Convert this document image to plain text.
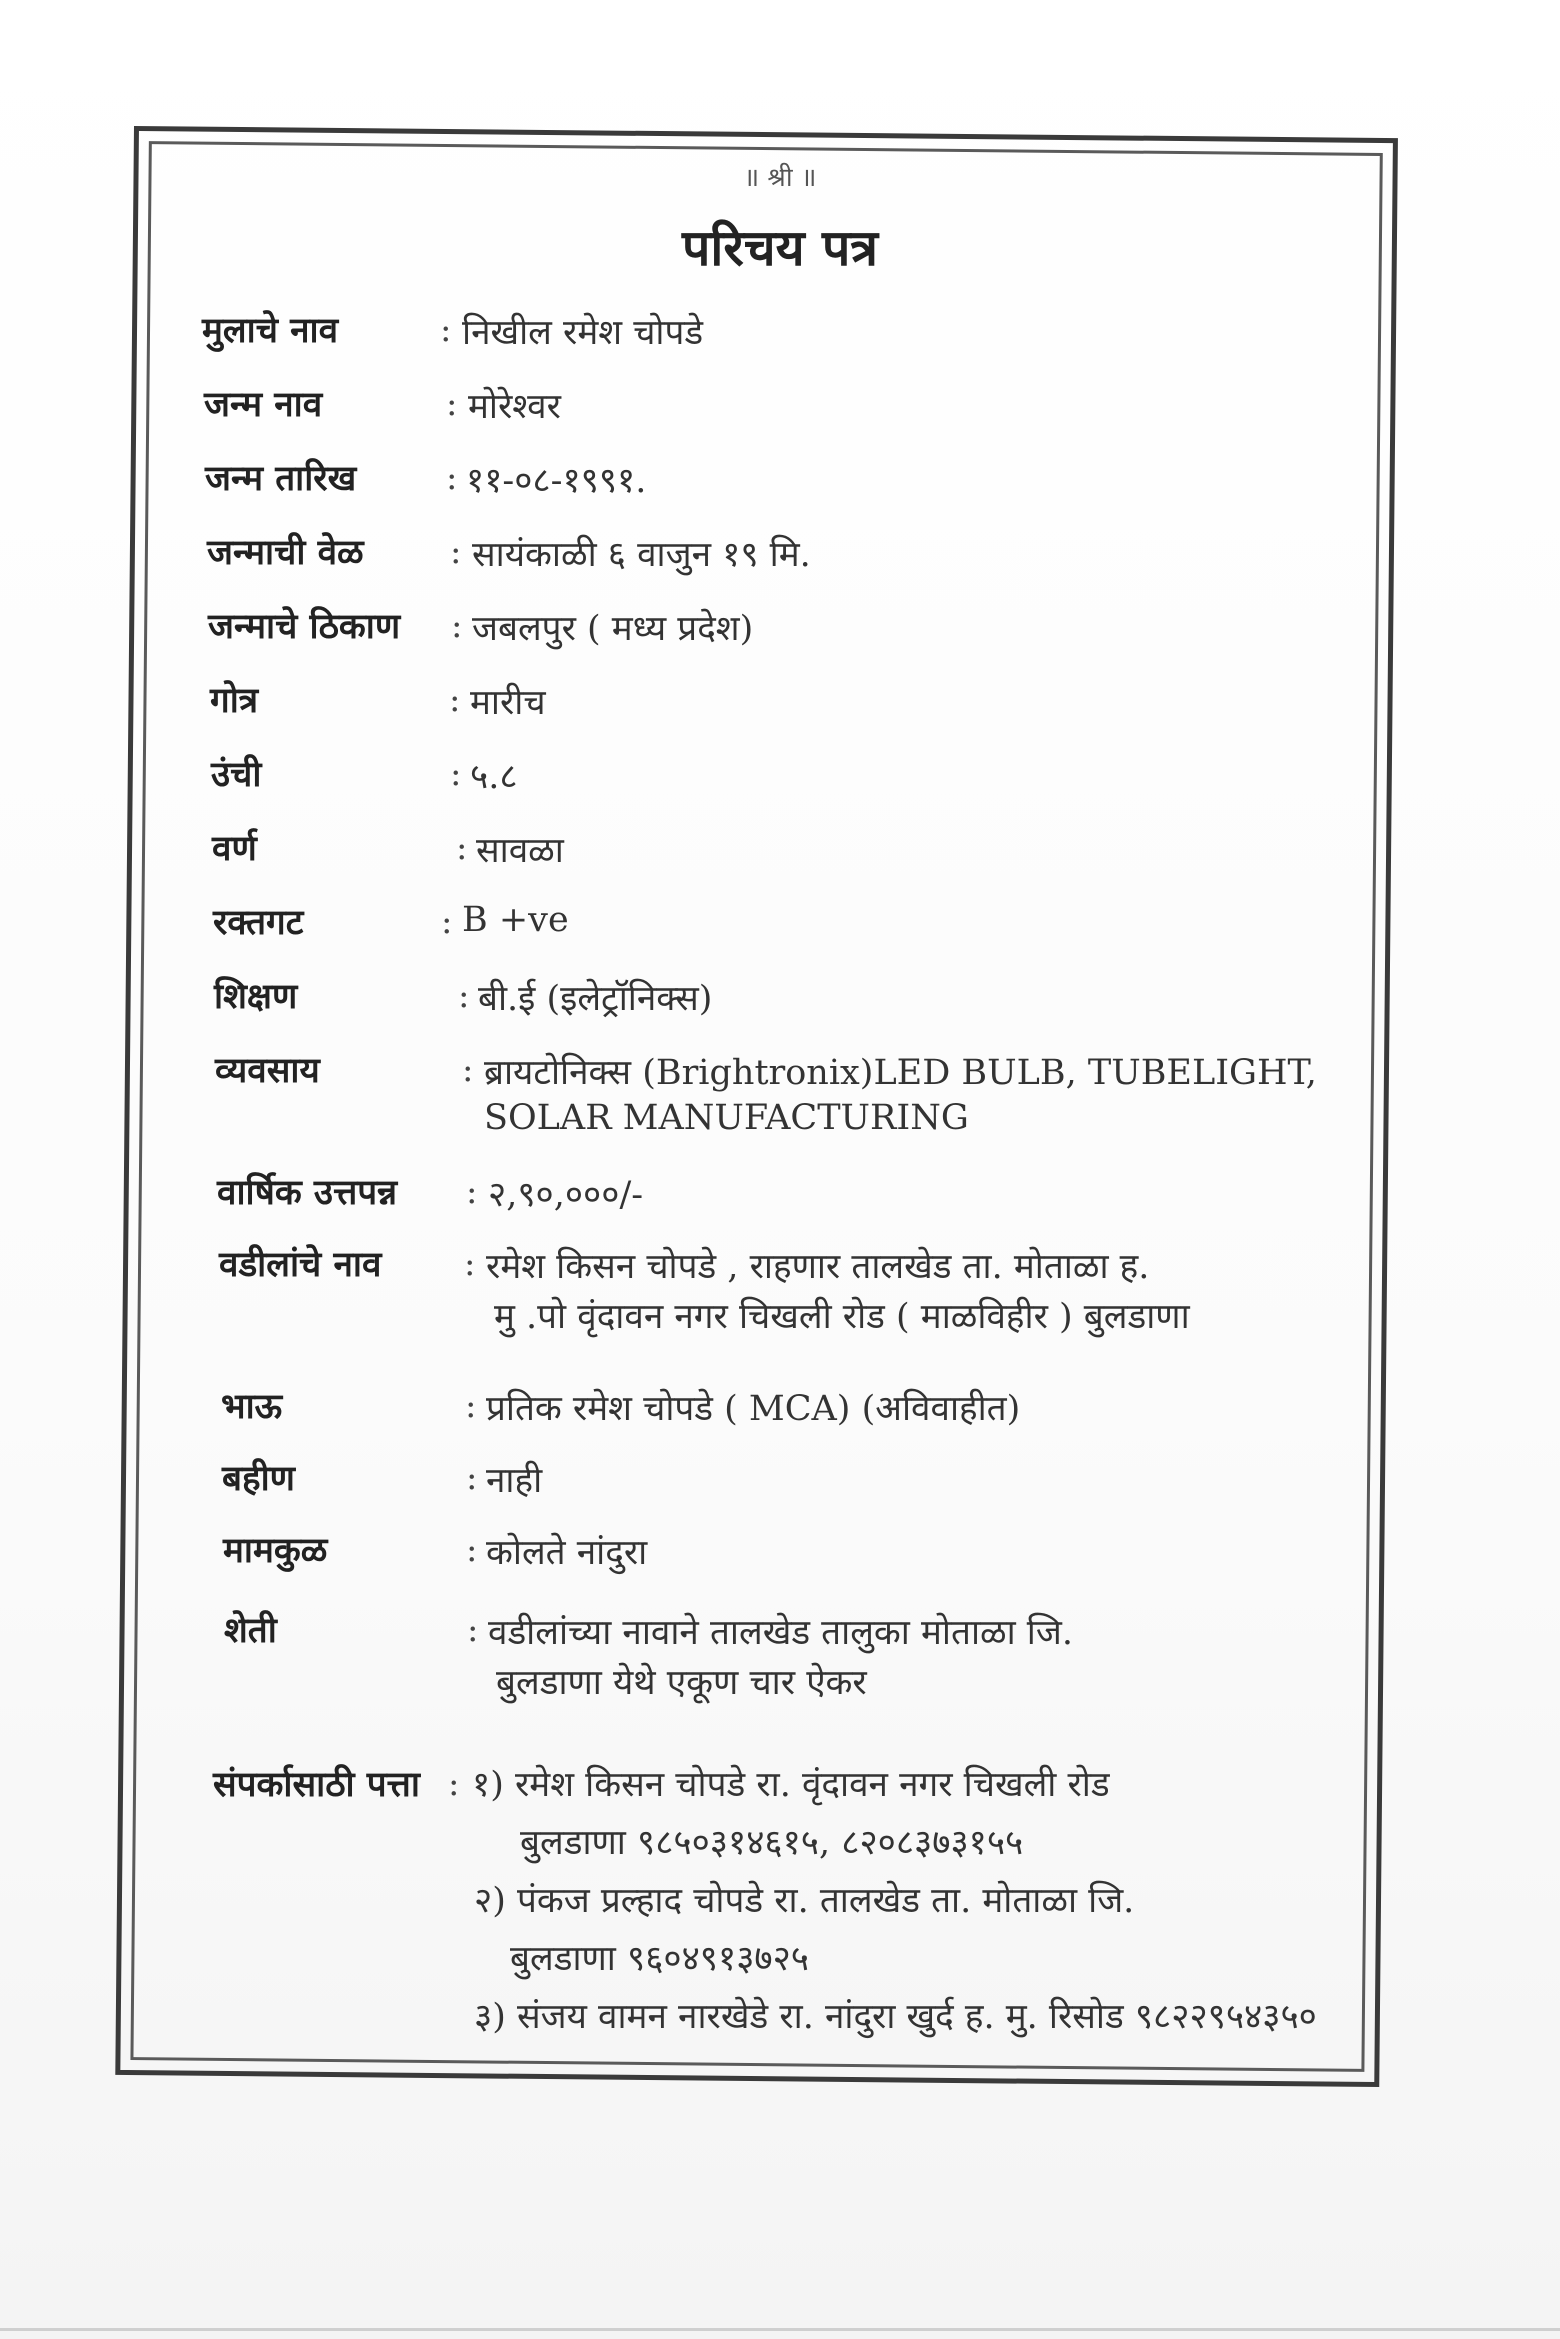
॥ श्री ॥
परिचय पत्र
मुलाचे नाव	: निखील रमेश चोपडे
जन्म नाव	: मोरेश्वर
जन्म तारिख	: ११-०८-१९९१.
जन्माची वेळ	: सायंकाळी ६ वाजुन १९ मि.
जन्माचे ठिकाण : जबलपुर ( मध्य प्रदेश)
गोत्र	: मारीच
उंची	: ५.८
वर्ण	: सावळा
रक्तगट	: B +ve
शिक्षण	: बी.ई (इलेट्रॉनिक्स)
व्यवसाय	: ब्रायटोनिक्स (Brightronix)LED BULB, TUBELIGHT,
SOLAR MANUFACTURING
वार्षिक उत्तपन्न : २,९०,०००/-
वडीलांचे नाव : रमेश किसन चोपडे , राहणार तालखेड ता. मोताळा ह.
मु .पो वृंदावन नगर चिखली रोड ( माळविहीर ) बुलडाणा
भाऊ	: प्रतिक रमेश चोपडे ( MCA) (अविवाहीत)
बहीण	: नाही
मामकुळ	: कोलते नांदुरा
शेती	: वडीलांच्या नावाने तालखेड तालुका मोताळा जि.
बुलडाणा येथे एकूण चार ऐकर
संपर्कासाठी पत्ता : १) रमेश किसन चोपडे रा. वृंदावन नगर चिखली रोड
बुलडाणा ९८५०३१४६१५, ८२०८३७३१५५
२) पंकज प्रल्हाद चोपडे रा. तालखेड ता. मोताळा जि.
बुलडाणा ९६०४९१३७२५
३) संजय वामन नारखेडे रा. नांदुरा खुर्द ह. मु. रिसोड ९८२२९५४३५०
